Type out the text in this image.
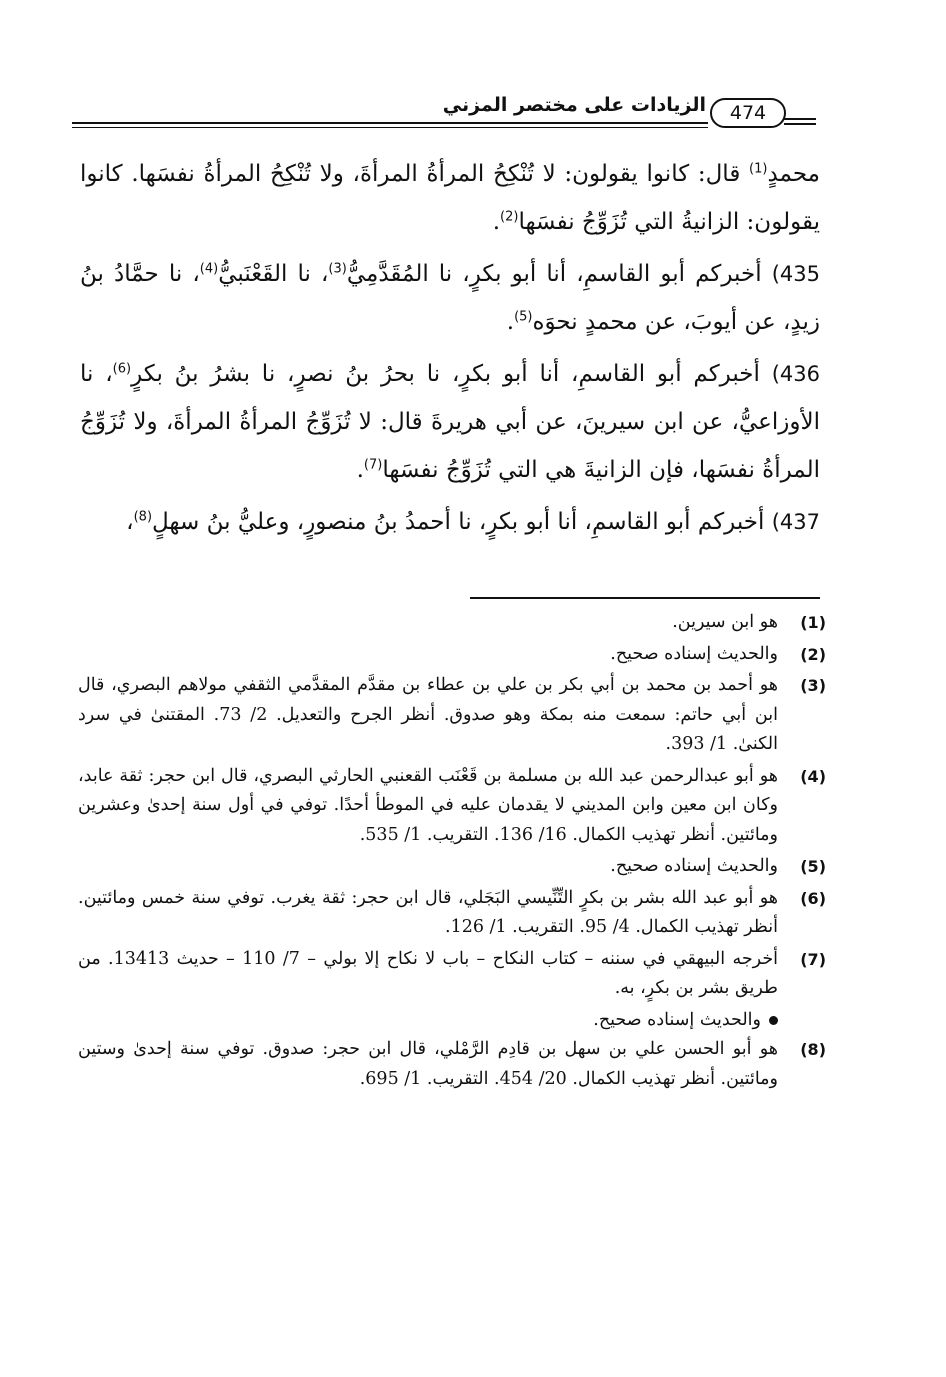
الزيادات على مختصر المزني	474

محمدٍ$^{(1)}$ قال: كانوا يقولون: لا تُنْكِحُ المرأةُ المرأةَ، ولا تُنْكِحُ المرأةُ نفسَها. كانوا يقولون: الزانيةُ التي تُزَوِّجُ نفسَها$^{(2)}$.

435) أخبركم أبو القاسمِ، أنا أبو بكرٍ، نا المُقَدَّمِيُّ$^{(3)}$، نا القَعْنَبيُّ$^{(4)}$، نا حمَّادُ بنُ زيدٍ، عن أيوبَ، عن محمدٍ نحوَه$^{(5)}$.

436) أخبركم أبو القاسمِ، أنا أبو بكرٍ، نا بحرُ بنُ نصرٍ، نا بشرُ بنُ بكرٍ$^{(6)}$، نا الأوزاعيُّ، عن ابن سيرينَ، عن أبي هريرةَ قال: لا تُزَوِّجُ المرأةُ المرأةَ، ولا تُزَوِّجُ المرأةُ نفسَها، فإن الزانيةَ هي التي تُزَوِّجُ نفسَها$^{(7)}$.

437) أخبركم أبو القاسمِ، أنا أبو بكرٍ، نا أحمدُ بنُ منصورٍ، وعليُّ بنُ سهلٍ$^{(8)}$،

(1)
هو ابن سيرين.
(2)
والحديث إسناده صحيح.
(3)
هو أحمد بن محمد بن أبي بكر بن علي بن عطاء بن مقدَّم المقدَّمي الثقفي مولاهم البصري، قال ابن أبي حاتم: سمعت منه بمكة وهو صدوق. أنظر الجرح والتعديل. 2/ 73. المقتنىٰ في سرد الكنىٰ. 1/ 393.
(4)
هو أبو عبدالرحمن عبد الله بن مسلمة بن قَعْنَب القعنبي الحارثي البصري، قال ابن حجر: ثقة عابد، وكان ابن معين وابن المديني لا يقدمان عليه في الموطأ أحدًا. توفي في أول سنة إحدىٰ وعشرين ومائتين. أنظر تهذيب الكمال. 16/ 136. التقريب. 1/ 535.
(5)
والحديث إسناده صحيح.
(6)
هو أبو عبد الله بشر بن بكرٍ التِّنِّيسي البَجَلي، قال ابن حجر: ثقة يغرب. توفي سنة خمس ومائتين. أنظر تهذيب الكمال. 4/ 95. التقريب. 1/ 126.
(7)
أخرجه البيهقي في سننه – كتاب النكاح – باب لا نكاح إلا بولي – 7/ 110 – حديث 13413. من طريق بشر بن بكرٍ، به.
والحديث إسناده صحيح.
(8)
هو أبو الحسن علي بن سهل بن قادِم الرَّمْلي، قال ابن حجر: صدوق. توفي سنة إحدىٰ وستين ومائتين. أنظر تهذيب الكمال. 20/ 454. التقريب. 1/ 695.
